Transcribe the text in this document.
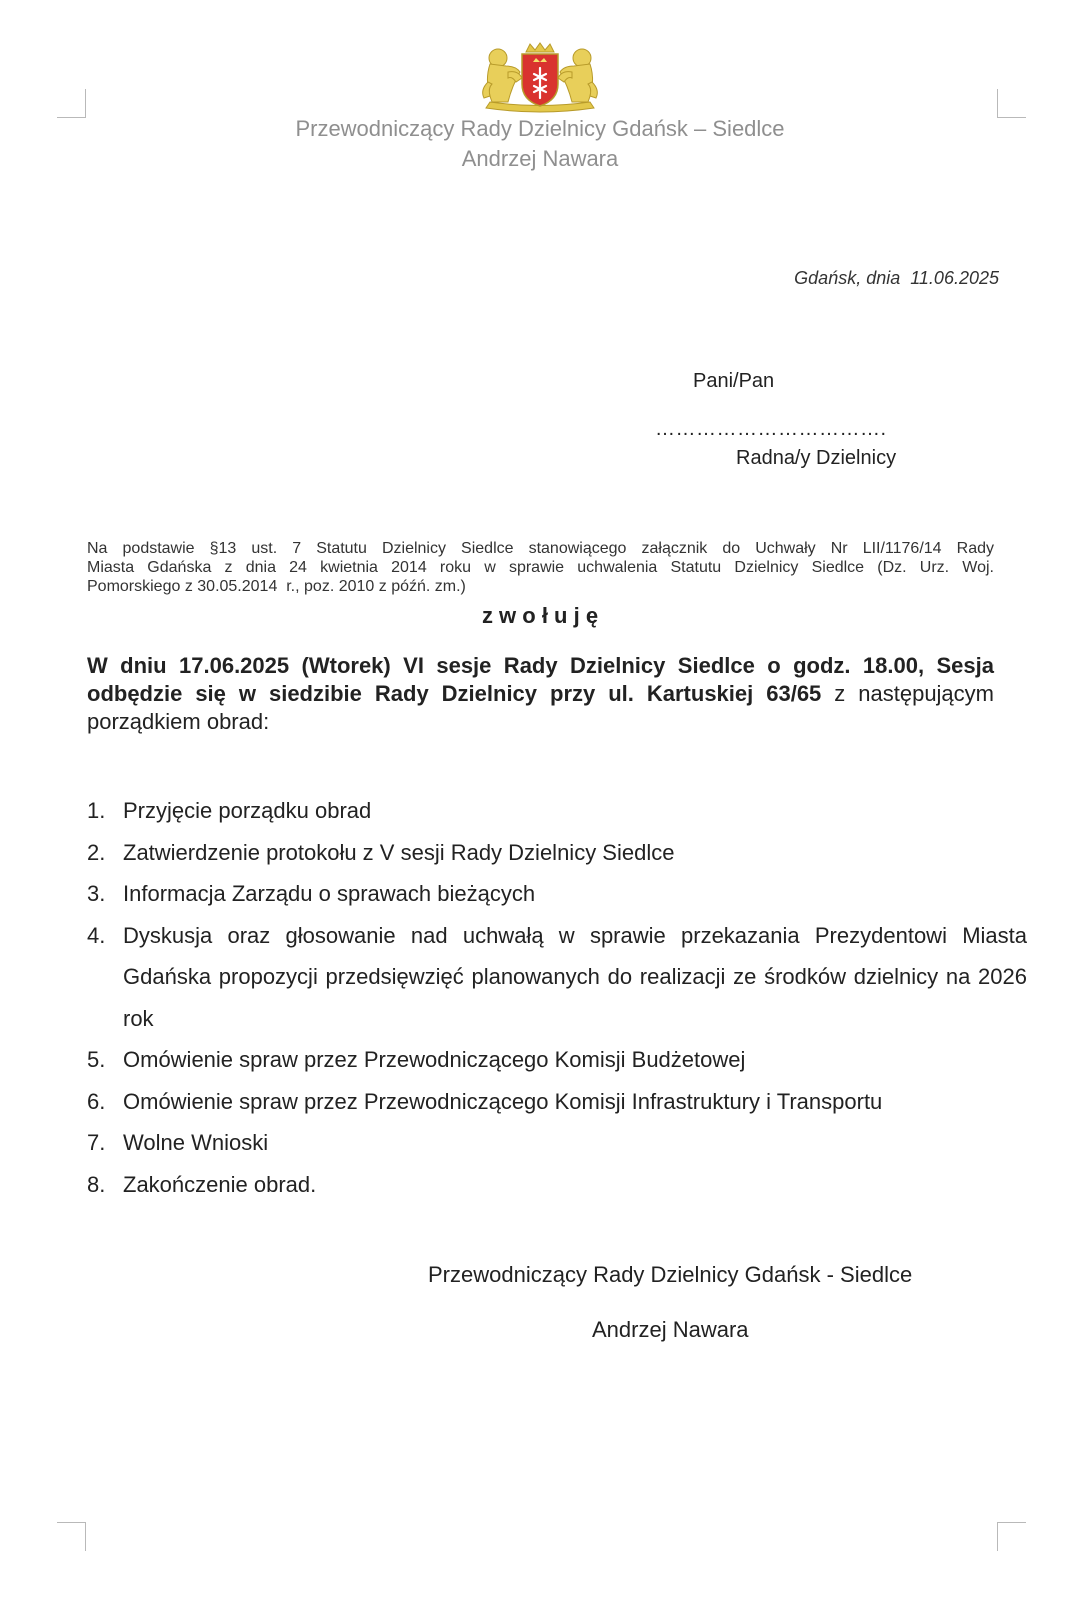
Przewodniczący Rady Dzielnicy Gdańsk – Siedlce
Andrzej Nawara
Gdańsk, dnia  11.06.2025
Pani/Pan
…………………………….
Radna/y Dzielnicy
Na podstawie §13 ust. 7 Statutu Dzielnicy Siedlce stanowiącego załącznik do Uchwały Nr LII/1176/14 Rady
Miasta Gdańska z dnia 24 kwietnia 2014 roku w sprawie uchwalenia Statutu Dzielnicy Siedlce (Dz. Urz. Woj.
Pomorskiego z 30.05.2014  r., poz. 2010 z późń. zm.)
z w o ł u j ę
W dniu 17.06.2025 (Wtorek) VI sesje Rady Dzielnicy Siedlce o godz. 18.00, Sesja odbędzie się w siedzibie Rady Dzielnicy przy ul. Kartuskiej 63/65 z następującym porządkiem obrad:
1. Przyjęcie porządku obrad
2. Zatwierdzenie protokołu z V sesji Rady Dzielnicy Siedlce
3. Informacja Zarządu o sprawach bieżących
4. Dyskusja oraz głosowanie nad uchwałą w sprawie przekazania Prezydentowi Miasta Gdańska propozycji przedsięwzięć planowanych do realizacji ze środków dzielnicy na 2026 rok
5. Omówienie spraw przez Przewodniczącego Komisji Budżetowej
6. Omówienie spraw przez Przewodniczącego Komisji Infrastruktury i Transportu
7. Wolne Wnioski
8. Zakończenie obrad.
Przewodniczący Rady Dzielnicy Gdańsk - Siedlce
Andrzej Nawara
